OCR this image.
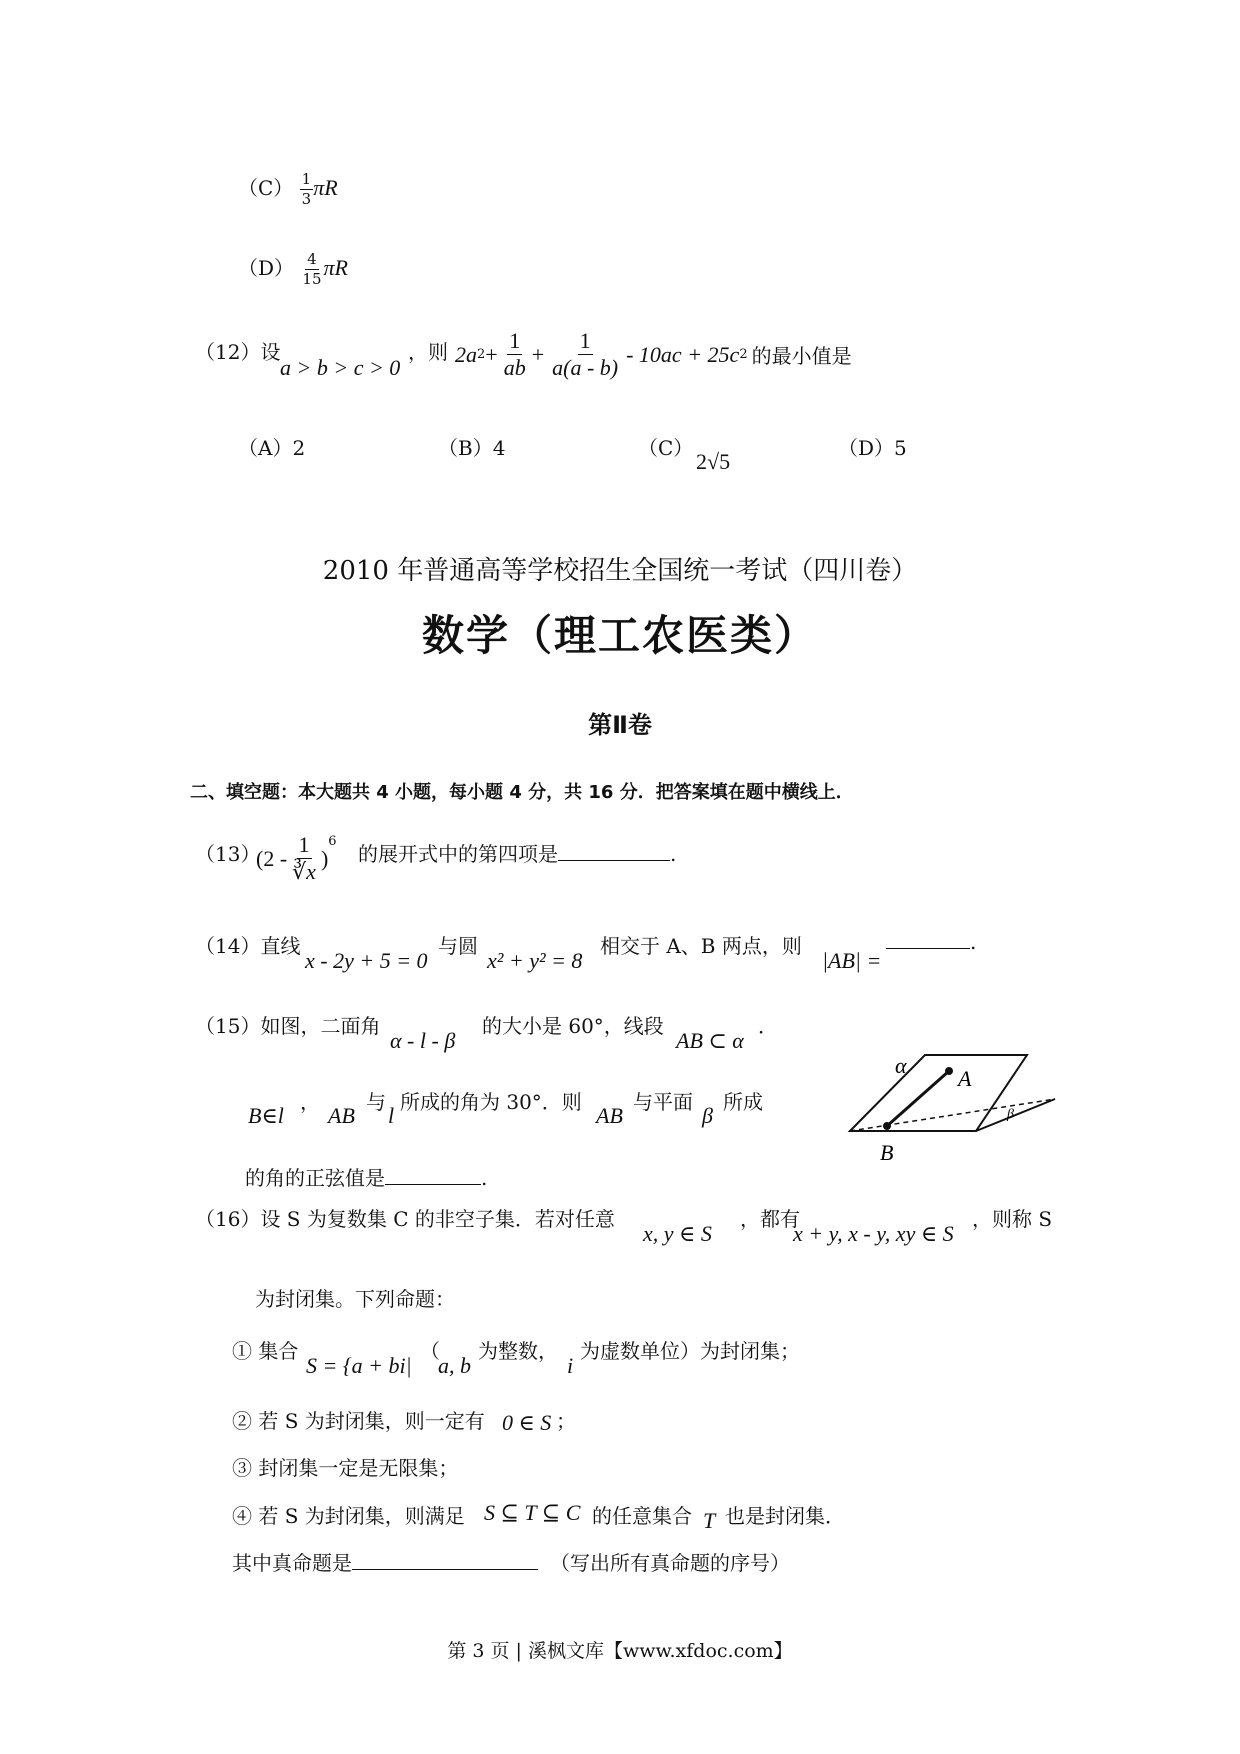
$(C) \frac{1}{3}$ πR
$(D) \frac{4}{15}$ πR
（12）设
a > b > c > 0
，则 2a $2 + \frac{1}{ab} + \frac{1}{a(a - b)} - 10ac + 25c$ 2 的最小值是
（A）2	（B）4	（C）
2√5
（D）5
2010 年普通高等学校招生全国统一考试（四川卷）
数学（理工农医类）
第Ⅱ卷
二、填空题：本大题共 4 小题，每小题 4 分，共 16 分．把答案填在题中横线上．
（13）
($2 - \frac{1}{∛x}$ )
$^6$
的展开式中的第四项是	.
（14）直线
x - 2y + 5 = 0
与圆
x² + y² = 8
相交于 A、B 两点，则
|AB| =
.
（15）如图，二面角
α - l - β
的大小是 60°，线段
AB ⊂ α
．
B∈l
，
AB
与
l
所成的角为 30°．则
AB
与平面
β
所成
的角的正弦值是	.
α
A
β
B
（16）设 S 为复数集 C 的非空子集．若对任意
x, y ∈ S
，都有
x + y, x - y, xy ∈ S
，则称 S
为封闭集。下列命题：
① 集合
S = {a + bi|
（
a, b
为整数，
i
为虚数单位）为封闭集；
② 若 S 为封闭集，则一定有 0 ∈ S ；
③ 封闭集一定是无限集；
④ 若 S 为封闭集，则满足 S ⊆ T ⊆ C 的任意集合 T 也是封闭集．
其中真命题是	（写出所有真命题的序号）
第 3 页 | 溪枫文库【www.xfdoc.com】
